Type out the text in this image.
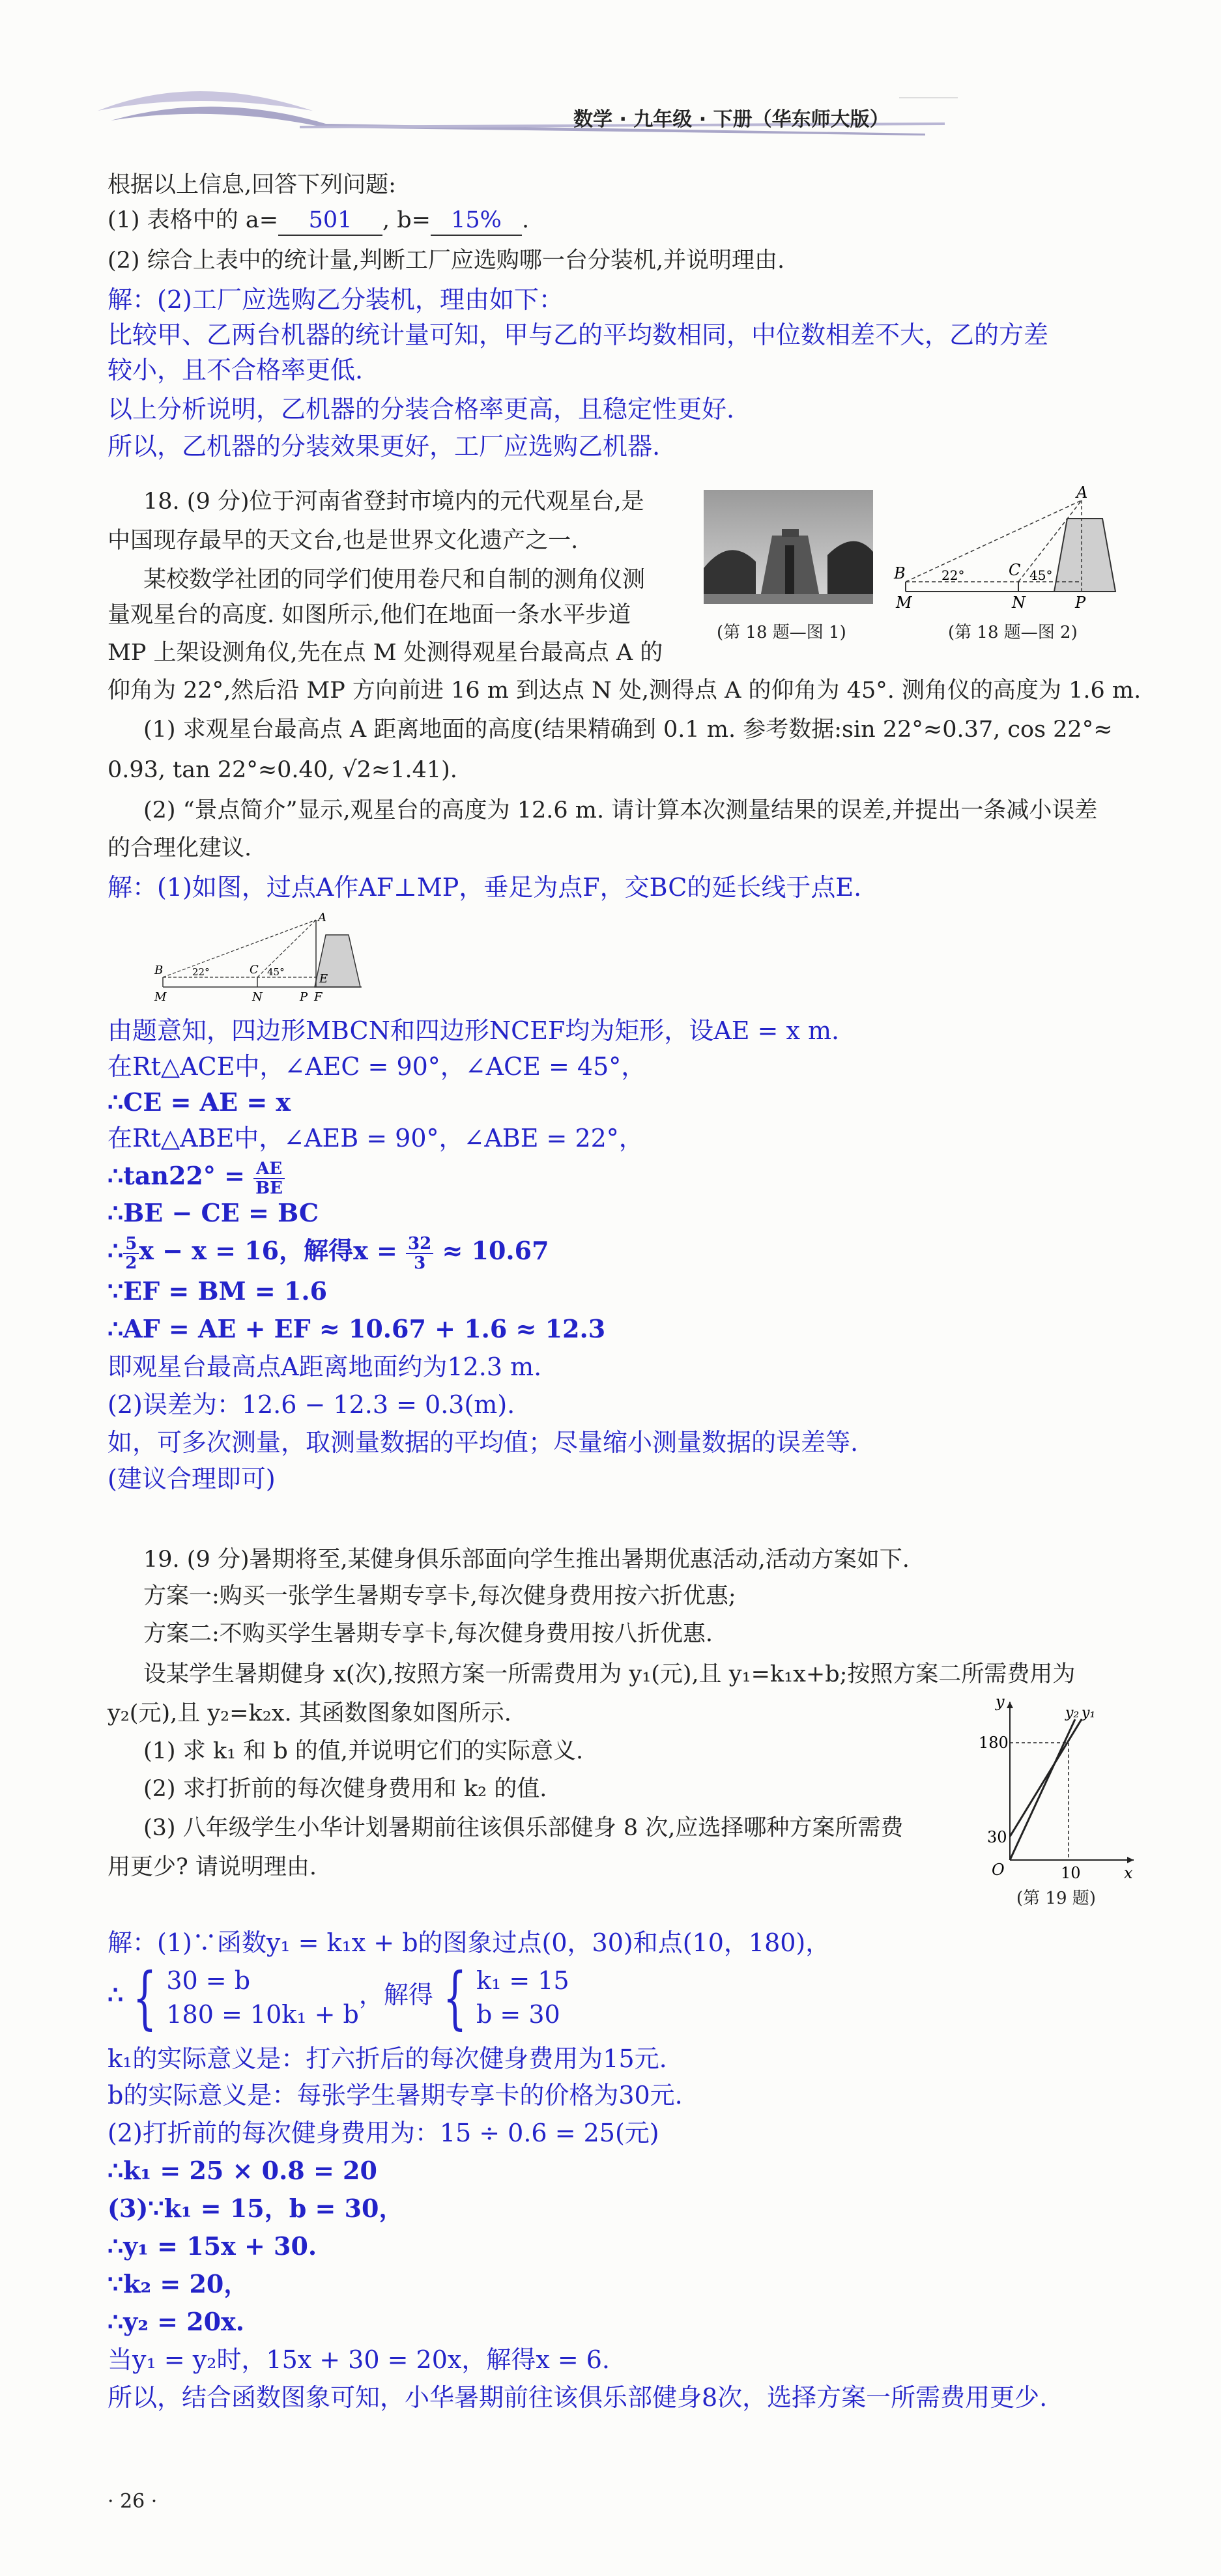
数学 · 九年级 · 下册（华东师大版）
根据以上信息,回答下列问题:
(1) 表格中的 a= 501 , b= 15% .
(2) 综合上表中的统计量,判断工厂应选购哪一台分装机,并说明理由.
解：(2)工厂应选购乙分装机，理由如下：
比较甲、乙两台机器的统计量可知，甲与乙的平均数相同，中位数相差不大，乙的方差
较小，且不合格率更低.
以上分析说明，乙机器的分装合格率更高，且稳定性更好.
所以，乙机器的分装效果更好，工厂应选购乙机器.
18. (9 分)位于河南省登封市境内的元代观星台,是
中国现存最早的天文台,也是世界文化遗产之一.
某校数学社团的同学们使用卷尺和自制的测角仪测
量观星台的高度. 如图所示,他们在地面一条水平步道
MP 上架设测角仪,先在点 M 处测得观星台最高点 A 的
仰角为 22°,然后沿 MP 方向前进 16 m 到达点 N 处,测得点 A 的仰角为 45°. 测角仪的高度为 1.6 m.
(1) 求观星台最高点 A 距离地面的高度(结果精确到 0.1 m. 参考数据:sin 22°≈0.37, cos 22°≈
0.93, tan 22°≈0.40, √2≈1.41).
(2) “景点简介”显示,观星台的高度为 12.6 m. 请计算本次测量结果的误差,并提出一条减小误差
的合理化建议.
(第 18 题—图 1)
A
B	C
M	N	P
22°	45°
(第 18 题—图 2)
解：(1)如图，过点A作AF⊥MP，垂足为点F，交BC的延长线于点E.
A
B	C
E
M	N	P F
22°	45°
由题意知，四边形MBCN和四边形NCEF均为矩形，设AE = x m.
在Rt△ACE中，∠AEC = 90°，∠ACE = 45°，
∴CE = AE = x
在Rt△ABE中，∠AEB = 90°，∠ABE = 22°，
∴tan22° = $\frac{AE}{BE}$
∴BE − CE = BC
∴ $\frac{5}{2}$ x − x = 16，解得$x = \frac{32}{3} \approx 10.67$
∵EF = BM = 1.6
∴AF = AE + EF ≈ 10.67 + 1.6 ≈ 12.3
即观星台最高点A距离地面约为12.3 m.
(2)误差为：12.6 − 12.3 = 0.3(m).
如，可多次测量，取测量数据的平均值；尽量缩小测量数据的误差等.
(建议合理即可)
19. (9 分)暑期将至,某健身俱乐部面向学生推出暑期优惠活动,活动方案如下.
方案一:购买一张学生暑期专享卡,每次健身费用按六折优惠;
方案二:不购买学生暑期专享卡,每次健身费用按八折优惠.
设某学生暑期健身 x(次),按照方案一所需费用为 y₁(元),且 y₁=k₁x+b;按照方案二所需费用为
y₂(元),且 y₂=k₂x. 其函数图象如图所示.
(1) 求 k₁ 和 b 的值,并说明它们的实际意义.
(2) 求打折前的每次健身费用和 k₂ 的值.
(3) 八年级学生小华计划暑期前往该俱乐部健身 8 次,应选择哪种方案所需费
用更少? 请说明理由.
y
x
O
y₂ y₁
180
30
10
(第 19 题)
解：(1)∵函数y₁ = k₁x + b的图象过点(0，30)和点(10，180)，
∴ { 30 = b
180 = 10k₁ + b
，解得 { k₁ = 15
b = 30
k₁的实际意义是：打六折后的每次健身费用为15元.
b的实际意义是：每张学生暑期专享卡的价格为30元.
(2)打折前的每次健身费用为：15 ÷ 0.6 = 25(元)
∴k₁ = 25 × 0.8 = 20
(3)∵k₁ = 15，b = 30，
∴y₁ = 15x + 30.
∵k₂ = 20，
∴y₂ = 20x.
当y₁ = y₂时，15x + 30 = 20x，解得x = 6.
所以，结合函数图象可知，小华暑期前往该俱乐部健身8次，选择方案一所需费用更少.
· 26 ·
